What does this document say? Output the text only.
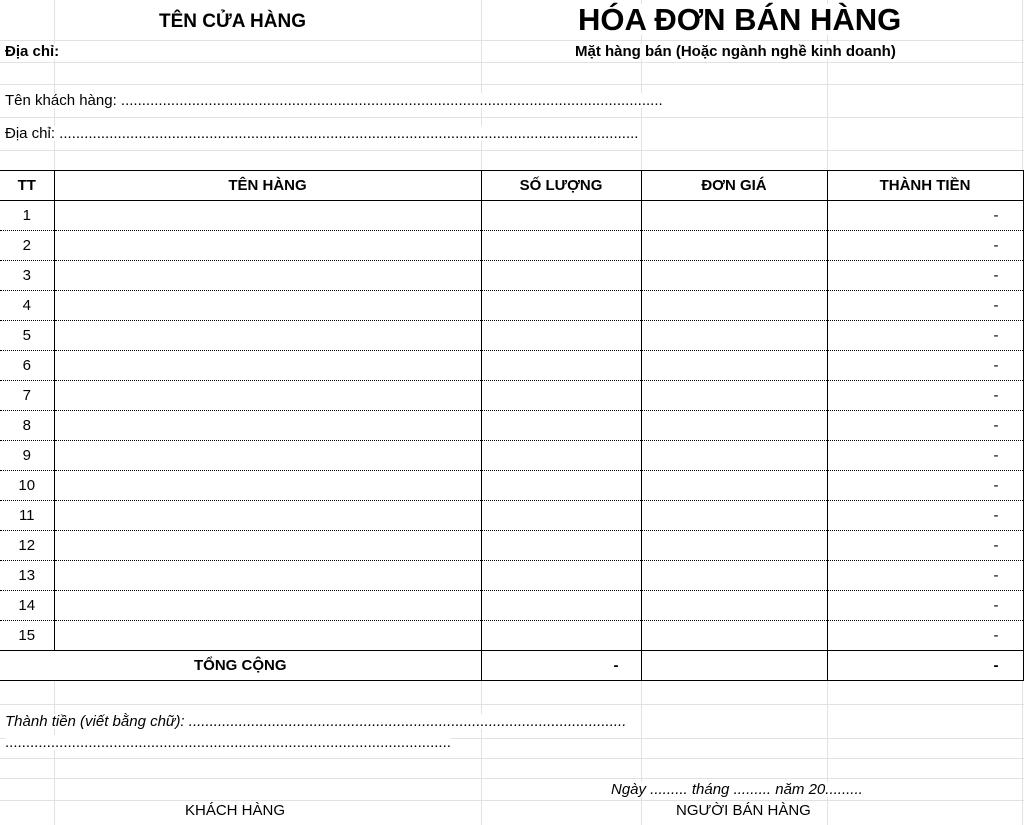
TÊN CỬA HÀNG
Địa chỉ:
HÓA ĐƠN BÁN HÀNG
Mặt hàng bán (Hoặc ngành nghề kinh doanh)
Tên khách hàng: ..................................................................................................................................
Địa chỉ: ...........................................................................................................................................
TT	TÊN HÀNG	SỐ LƯỢNG	ĐƠN GIÁ	THÀNH TIỀN
1				-
2				-
3				-
4				-
5				-
6				-
7				-
8				-
9				-
10				-
11				-
12				-
13				-
14				-
15				-
TỔNG CỘNG		-		-
Thành tiền (viết bằng chữ): .........................................................................................................
...........................................................................................................
Ngày ......... tháng ......... năm 20.........
KHÁCH HÀNG	NGƯỜI BÁN HÀNG
